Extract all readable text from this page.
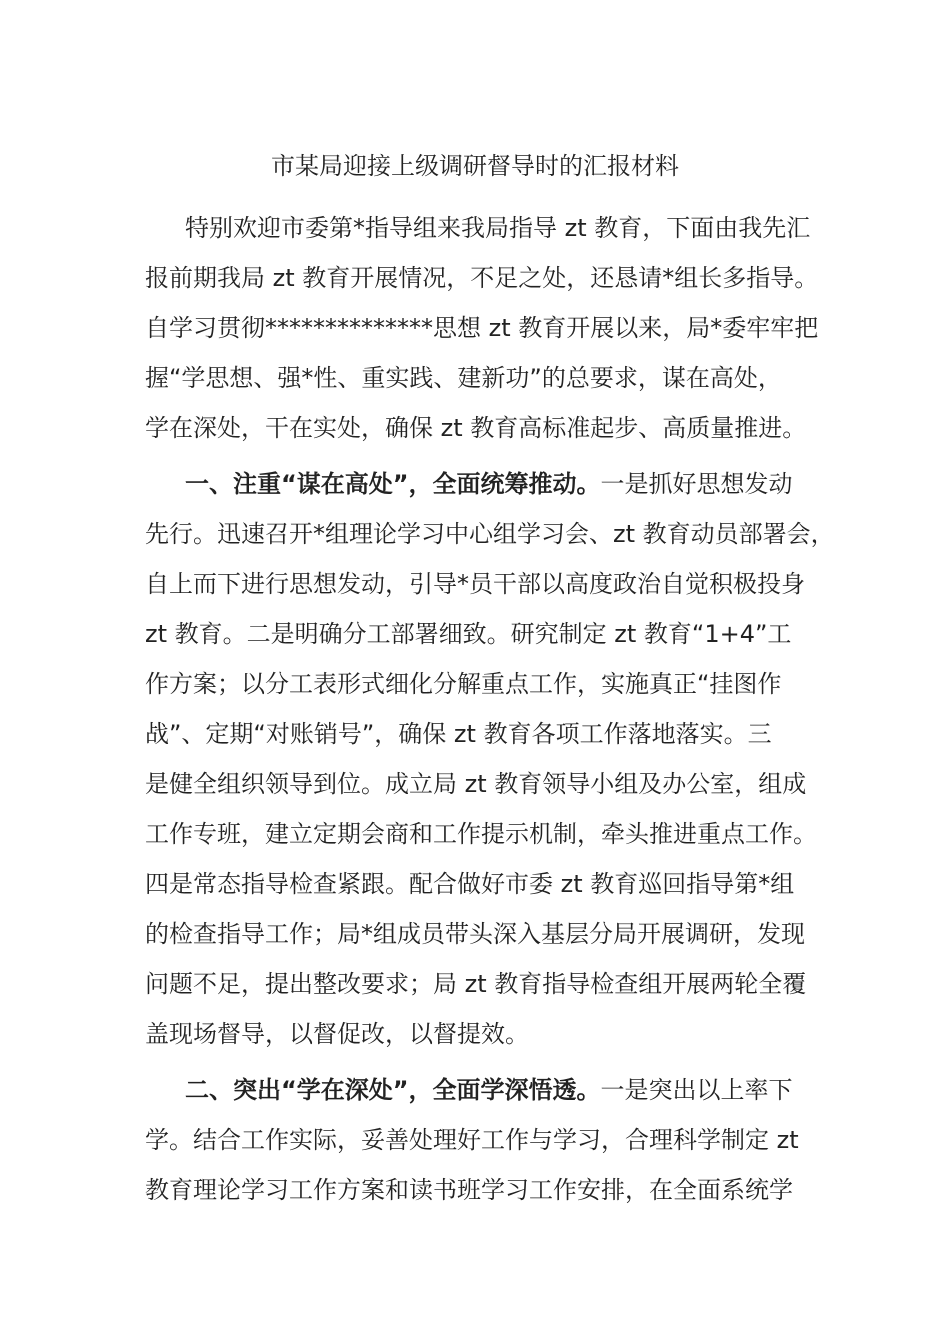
市某局迎接上级调研督导时的汇报材料
特别欢迎市委第*指导组来我局指导 zt 教育，下面由我先汇
报前期我局 zt 教育开展情况，不足之处，还恳请*组长多指导。
自学习贯彻**************思想 zt 教育开展以来，局*委牢牢把
握“学思想、强*性、重实践、建新功”的总要求，谋在高处，
学在深处，干在实处，确保 zt 教育高标准起步、高质量推进。
一、注重“谋在高处”，全面统筹推动。一是抓好思想发动
先行。迅速召开*组理论学习中心组学习会、zt 教育动员部署会，
自上而下进行思想发动，引导*员干部以高度政治自觉积极投身
zt 教育。二是明确分工部署细致。研究制定 zt 教育“1+4”工
作方案；以分工表形式细化分解重点工作，实施真正“挂图作
战”、定期“对账销号”，确保 zt 教育各项工作落地落实。三
是健全组织领导到位。成立局 zt 教育领导小组及办公室，组成
工作专班，建立定期会商和工作提示机制，牵头推进重点工作。
四是常态指导检查紧跟。配合做好市委 zt 教育巡回指导第*组
的检查指导工作；局*组成员带头深入基层分局开展调研，发现
问题不足，提出整改要求；局 zt 教育指导检查组开展两轮全覆
盖现场督导，以督促改，以督提效。
二、突出“学在深处”，全面学深悟透。一是突出以上率下
学。结合工作实际，妥善处理好工作与学习，合理科学制定 zt
教育理论学习工作方案和读书班学习工作安排，在全面系统学
